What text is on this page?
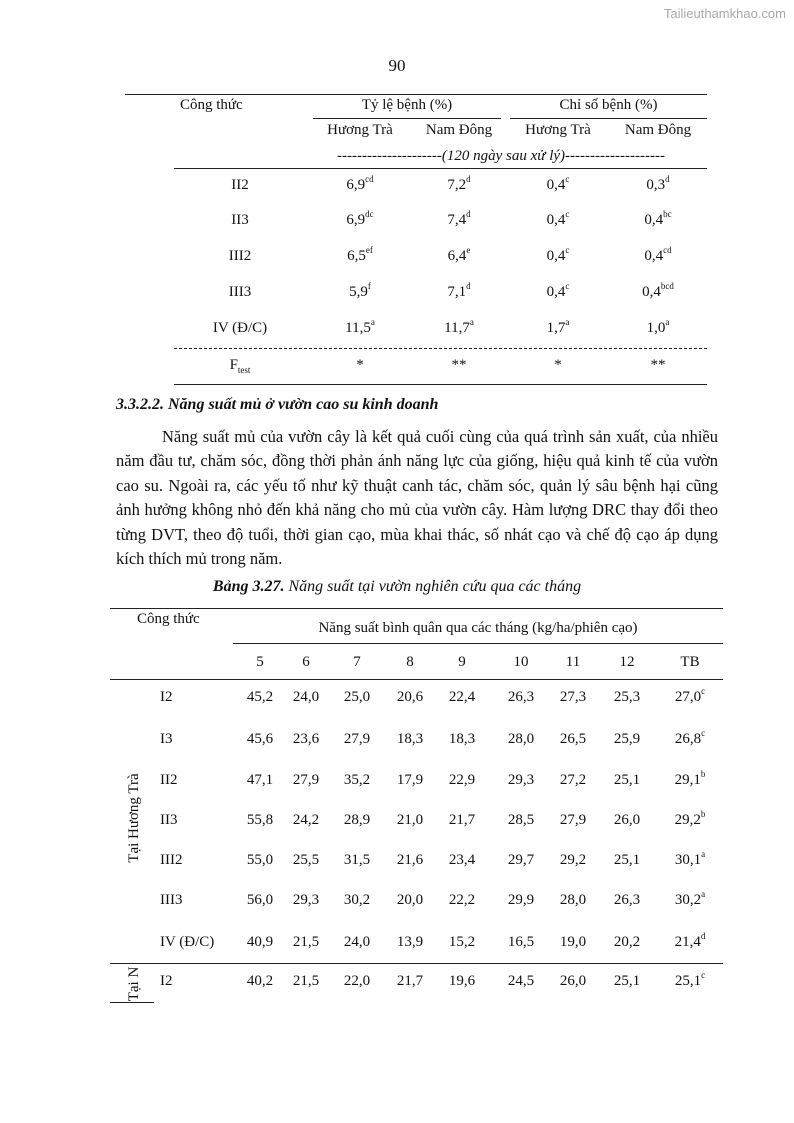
Tailieuthamkhao.com
90
Công thức	Tỷ lệ bệnh (%)	Chỉ số bệnh (%)
Hương Trà	Nam Đông	Hương Trà	Nam Đông
---------------------(120 ngày sau xử lý)--------------------
II2	6,9$^{cd}$	7,2$^d$	0,4$^c$	0,3$^d$
II3	6,9$^{dc}$	7,4$^d$	0,4$^c$	0,4$^{bc}$
III2	6,5$^{ef}$	6,4e	0,4$^c$	0,4$^{cd}$
III3	5,9$^f$	7,1$^d$	0,4$^c$	0,4$^{bcd}$
IV (Đ/C)	11,5$^a$	11,7$^a$	1,7$^a$	1,0$^a$
$F_{test}$	*	**	*	**
3.3.2.2. Năng suất mủ ở vườn cao su kinh doanh
Năng suất mủ của vườn cây là kết quả cuối cùng của quá trình sản xuất, của nhiều năm đầu tư, chăm sóc, đồng thời phản ánh năng lực của giống, hiệu quả kinh tế của vườn cao su. Ngoài ra, các yếu tố như kỹ thuật canh tác, chăm sóc, quản lý sâu bệnh hại cũng ảnh hưởng không nhỏ đến khả năng cho mủ của vườn cây. Hàm lượng DRC thay đổi theo từng DVT, theo độ tuổi, thời gian cạo, mùa khai thác, số nhát cạo và chế độ cạo áp dụng kích thích mủ trong năm.
Bảng 3.27. Năng suất tại vườn nghiên cứu qua các tháng
Công thức
Năng suất bình quân qua các tháng (kg/ha/phiên cạo)
5	6	7	8	9	10	11	12	TB
Tại Hương Trà
I2	45,2	24,0	25,0	20,6	22,4	26,3	27,3	25,3	27,0$^c$
I3	45,6	23,6	27,9	18,3	18,3	28,0	26,5	25,9	26,8$^c$
II2	47,1	27,9	35,2	17,9	22,9	29,3	27,2	25,1	29,1$^b$
II3	55,8	24,2	28,9	21,0	21,7	28,5	27,9	26,0	29,2$^b$
III2	55,0	25,5	31,5	21,6	23,4	29,7	29,2	25,1	30,1$^a$
III3	56,0	29,3	30,2	20,0	22,2	29,9	28,0	26,3	30,2$^a$
IV (Đ/C)	40,9	21,5	24,0	13,9	15,2	16,5	19,0	20,2	21,4$^d$
Tại N I2	40,2	21,5	22,0	21,7	19,6	24,5	26,0	25,1	25,1$^c$
